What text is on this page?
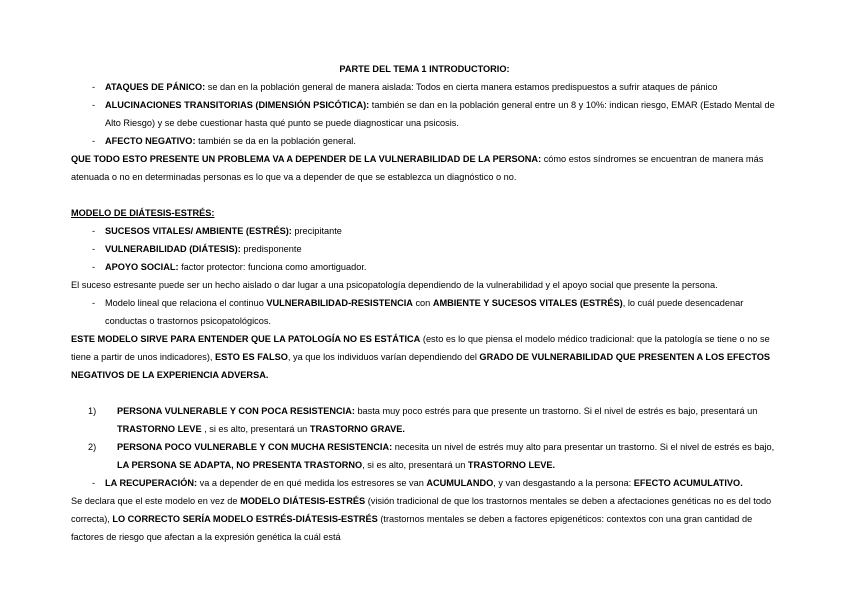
PARTE DEL TEMA 1 INTRODUCTORIO:
- ATAQUES DE PÁNICO: se dan en la población general de manera aislada: Todos en cierta manera estamos predispuestos a sufrir ataques de pánico
- ALUCINACIONES TRANSITORIAS (DIMENSIÓN PSICÓTICA): también se dan en la población general entre un 8 y 10%: indican riesgo, EMAR (Estado Mental de Alto Riesgo) y se debe cuestionar hasta qué punto se puede diagnosticar una psicosis.
- AFECTO NEGATIVO: también se da en la población general.
QUE TODO ESTO PRESENTE UN PROBLEMA VA A DEPENDER DE LA VULNERABILIDAD DE LA PERSONA: cómo estos síndromes se encuentran de manera más atenuada o no en determinadas personas es lo que va a depender de que se establezca un diagnóstico o no.

MODELO DE DIÁTESIS-ESTRÉS:
- SUCESOS VITALES/ AMBIENTE (ESTRÉS): precipitante
- VULNERABILIDAD (DIÁTESIS): predisponente
- APOYO SOCIAL: factor protector: funciona como amortiguador.
El suceso estresante puede ser un hecho aislado o dar lugar a una psicopatología dependiendo de la vulnerabilidad y el apoyo social que presente la persona.
- Modelo lineal que relaciona el continuo VULNERABILIDAD-RESISTENCIA con AMBIENTE Y SUCESOS VITALES (ESTRÉS), lo cuál puede desencadenar conductas o trastornos psicopatológicos.
ESTE MODELO SIRVE PARA ENTENDER QUE LA PATOLOGÍA NO ES ESTÁTICA (esto es lo que piensa el modelo médico tradicional: que la patología se tiene o no se tiene a partir de unos indicadores), ESTO ES FALSO, ya que los individuos varían dependiendo del GRADO DE VULNERABILIDAD QUE PRESENTEN A LOS EFECTOS NEGATIVOS DE LA EXPERIENCIA ADVERSA.

1)	PERSONA VULNERABLE Y CON POCA RESISTENCIA: basta muy poco estrés para que presente un trastorno. Si el nivel de estrés es bajo, presentará un TRASTORNO LEVE , si es alto, presentará un TRASTORNO GRAVE.
2)	PERSONA POCO VULNERABLE Y CON MUCHA RESISTENCIA: necesita un nivel de estrés muy alto para presentar un trastorno. Si el nivel de estrés es bajo, LA PERSONA SE ADAPTA, NO PRESENTA TRASTORNO, si es alto, presentará un TRASTORNO LEVE.
- LA RECUPERACIÓN: va a depender de en qué medida los estresores se van ACUMULANDO, y van desgastando a la persona: EFECTO ACUMULATIVO.
Se declara que el este modelo en vez de MODELO DIÁTESIS-ESTRÉS (visión tradicional de que los trastornos mentales se deben a afectaciones genéticas no es del todo correcta), LO CORRECTO SERÍA MODELO ESTRÉS-DIÁTESIS-ESTRÉS (trastornos mentales se deben a factores epigenéticos: contextos con una gran cantidad de factores de riesgo que afectan a la expresión genética la cuál está
